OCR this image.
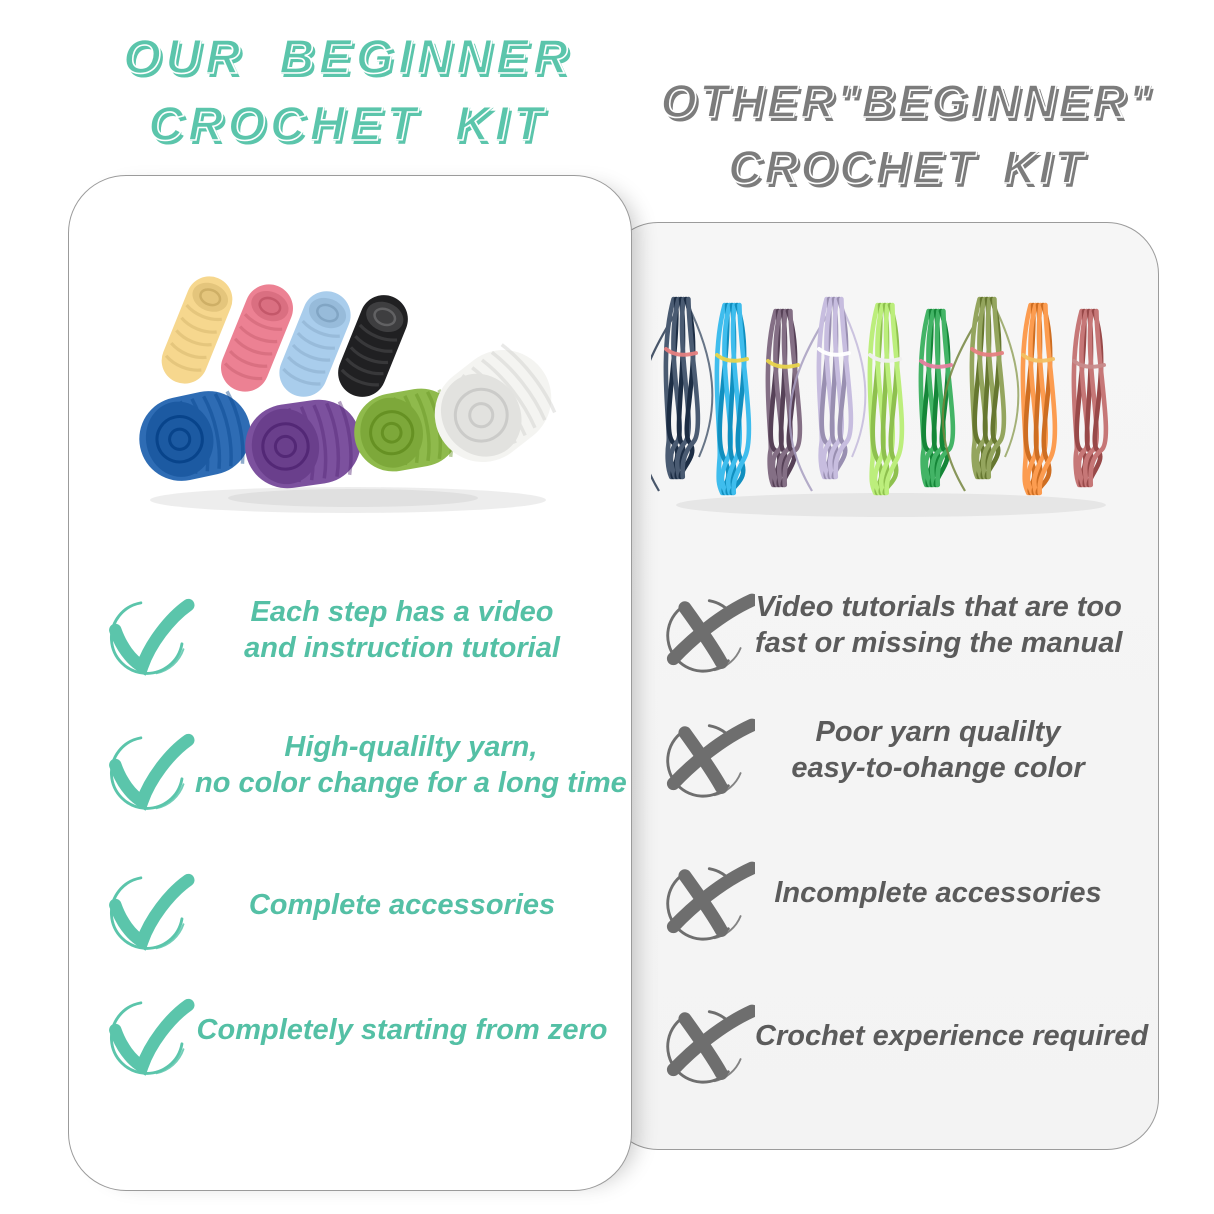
OUR BEGINNER
CROCHET KIT	OTHER"BEGINNER"
CROCHET KIT
Video tutorials that are too
fast or missing the manual
Poor yarn qualilty
easy-to-ohange color
lncomplete accessories
Crochet experience required
Each step has a video
and instruction tutorial
High-qualilty yarn,
no color change for a long time
Complete accessories
Completely starting from zero
